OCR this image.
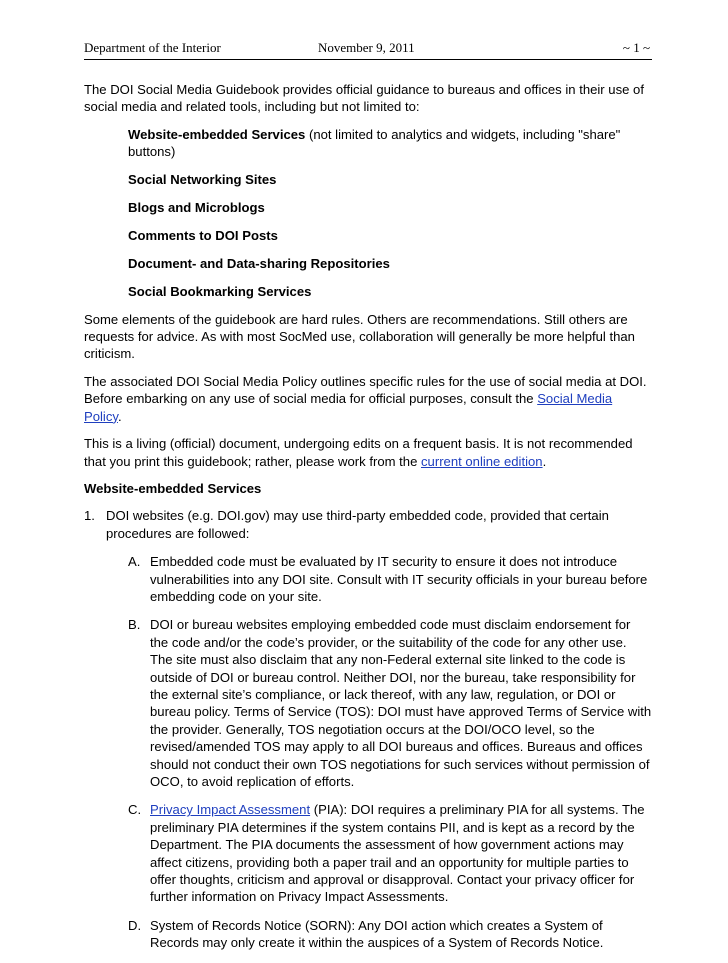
Department of the Interior	November 9, 2011	~ 1 ~

The DOI Social Media Guidebook provides official guidance to bureaus and offices in their use of social media and related tools, including but not limited to:

Website-embedded Services (not limited to analytics and widgets, including "share" buttons)
Social Networking Sites
Blogs and Microblogs
Comments to DOI Posts
Document- and Data-sharing Repositories
Social Bookmarking Services

Some elements of the guidebook are hard rules. Others are recommendations. Still others are requests for advice. As with most SocMed use, collaboration will generally be more helpful than criticism.

The associated DOI Social Media Policy outlines specific rules for the use of social media at DOI. Before embarking on any use of social media for official purposes, consult the Social Media Policy.

This is a living (official) document, undergoing edits on a frequent basis. It is not recommended that you print this guidebook; rather, please work from the current online edition.

Website-embedded Services
1. DOI websites (e.g. DOI.gov) may use third-party embedded code, provided that certain procedures are followed:
A. Embedded code must be evaluated by IT security to ensure it does not introduce vulnerabilities into any DOI site. Consult with IT security officials in your bureau before embedding code on your site.
B. DOI or bureau websites employing embedded code must disclaim endorsement for the code and/or the code’s provider, or the suitability of the code for any other use. The site must also disclaim that any non-Federal external site linked to the code is outside of DOI or bureau control. Neither DOI, nor the bureau, take responsibility for the external site’s compliance, or lack thereof, with any law, regulation, or DOI or bureau policy. Terms of Service (TOS): DOI must have approved Terms of Service with the provider. Generally, TOS negotiation occurs at the DOI/OCO level, so the revised/amended TOS may apply to all DOI bureaus and offices. Bureaus and offices should not conduct their own TOS negotiations for such services without permission of OCO, to avoid replication of efforts.
C. Privacy Impact Assessment (PIA): DOI requires a preliminary PIA for all systems. The preliminary PIA determines if the system contains PII, and is kept as a record by the Department. The PIA documents the assessment of how government actions may affect citizens, providing both a paper trail and an opportunity for multiple parties to offer thoughts, criticism and approval or disapproval. Contact your privacy officer for further information on Privacy Impact Assessments.
D. System of Records Notice (SORN): Any DOI action which creates a System of Records may only create it within the auspices of a System of Records Notice.
